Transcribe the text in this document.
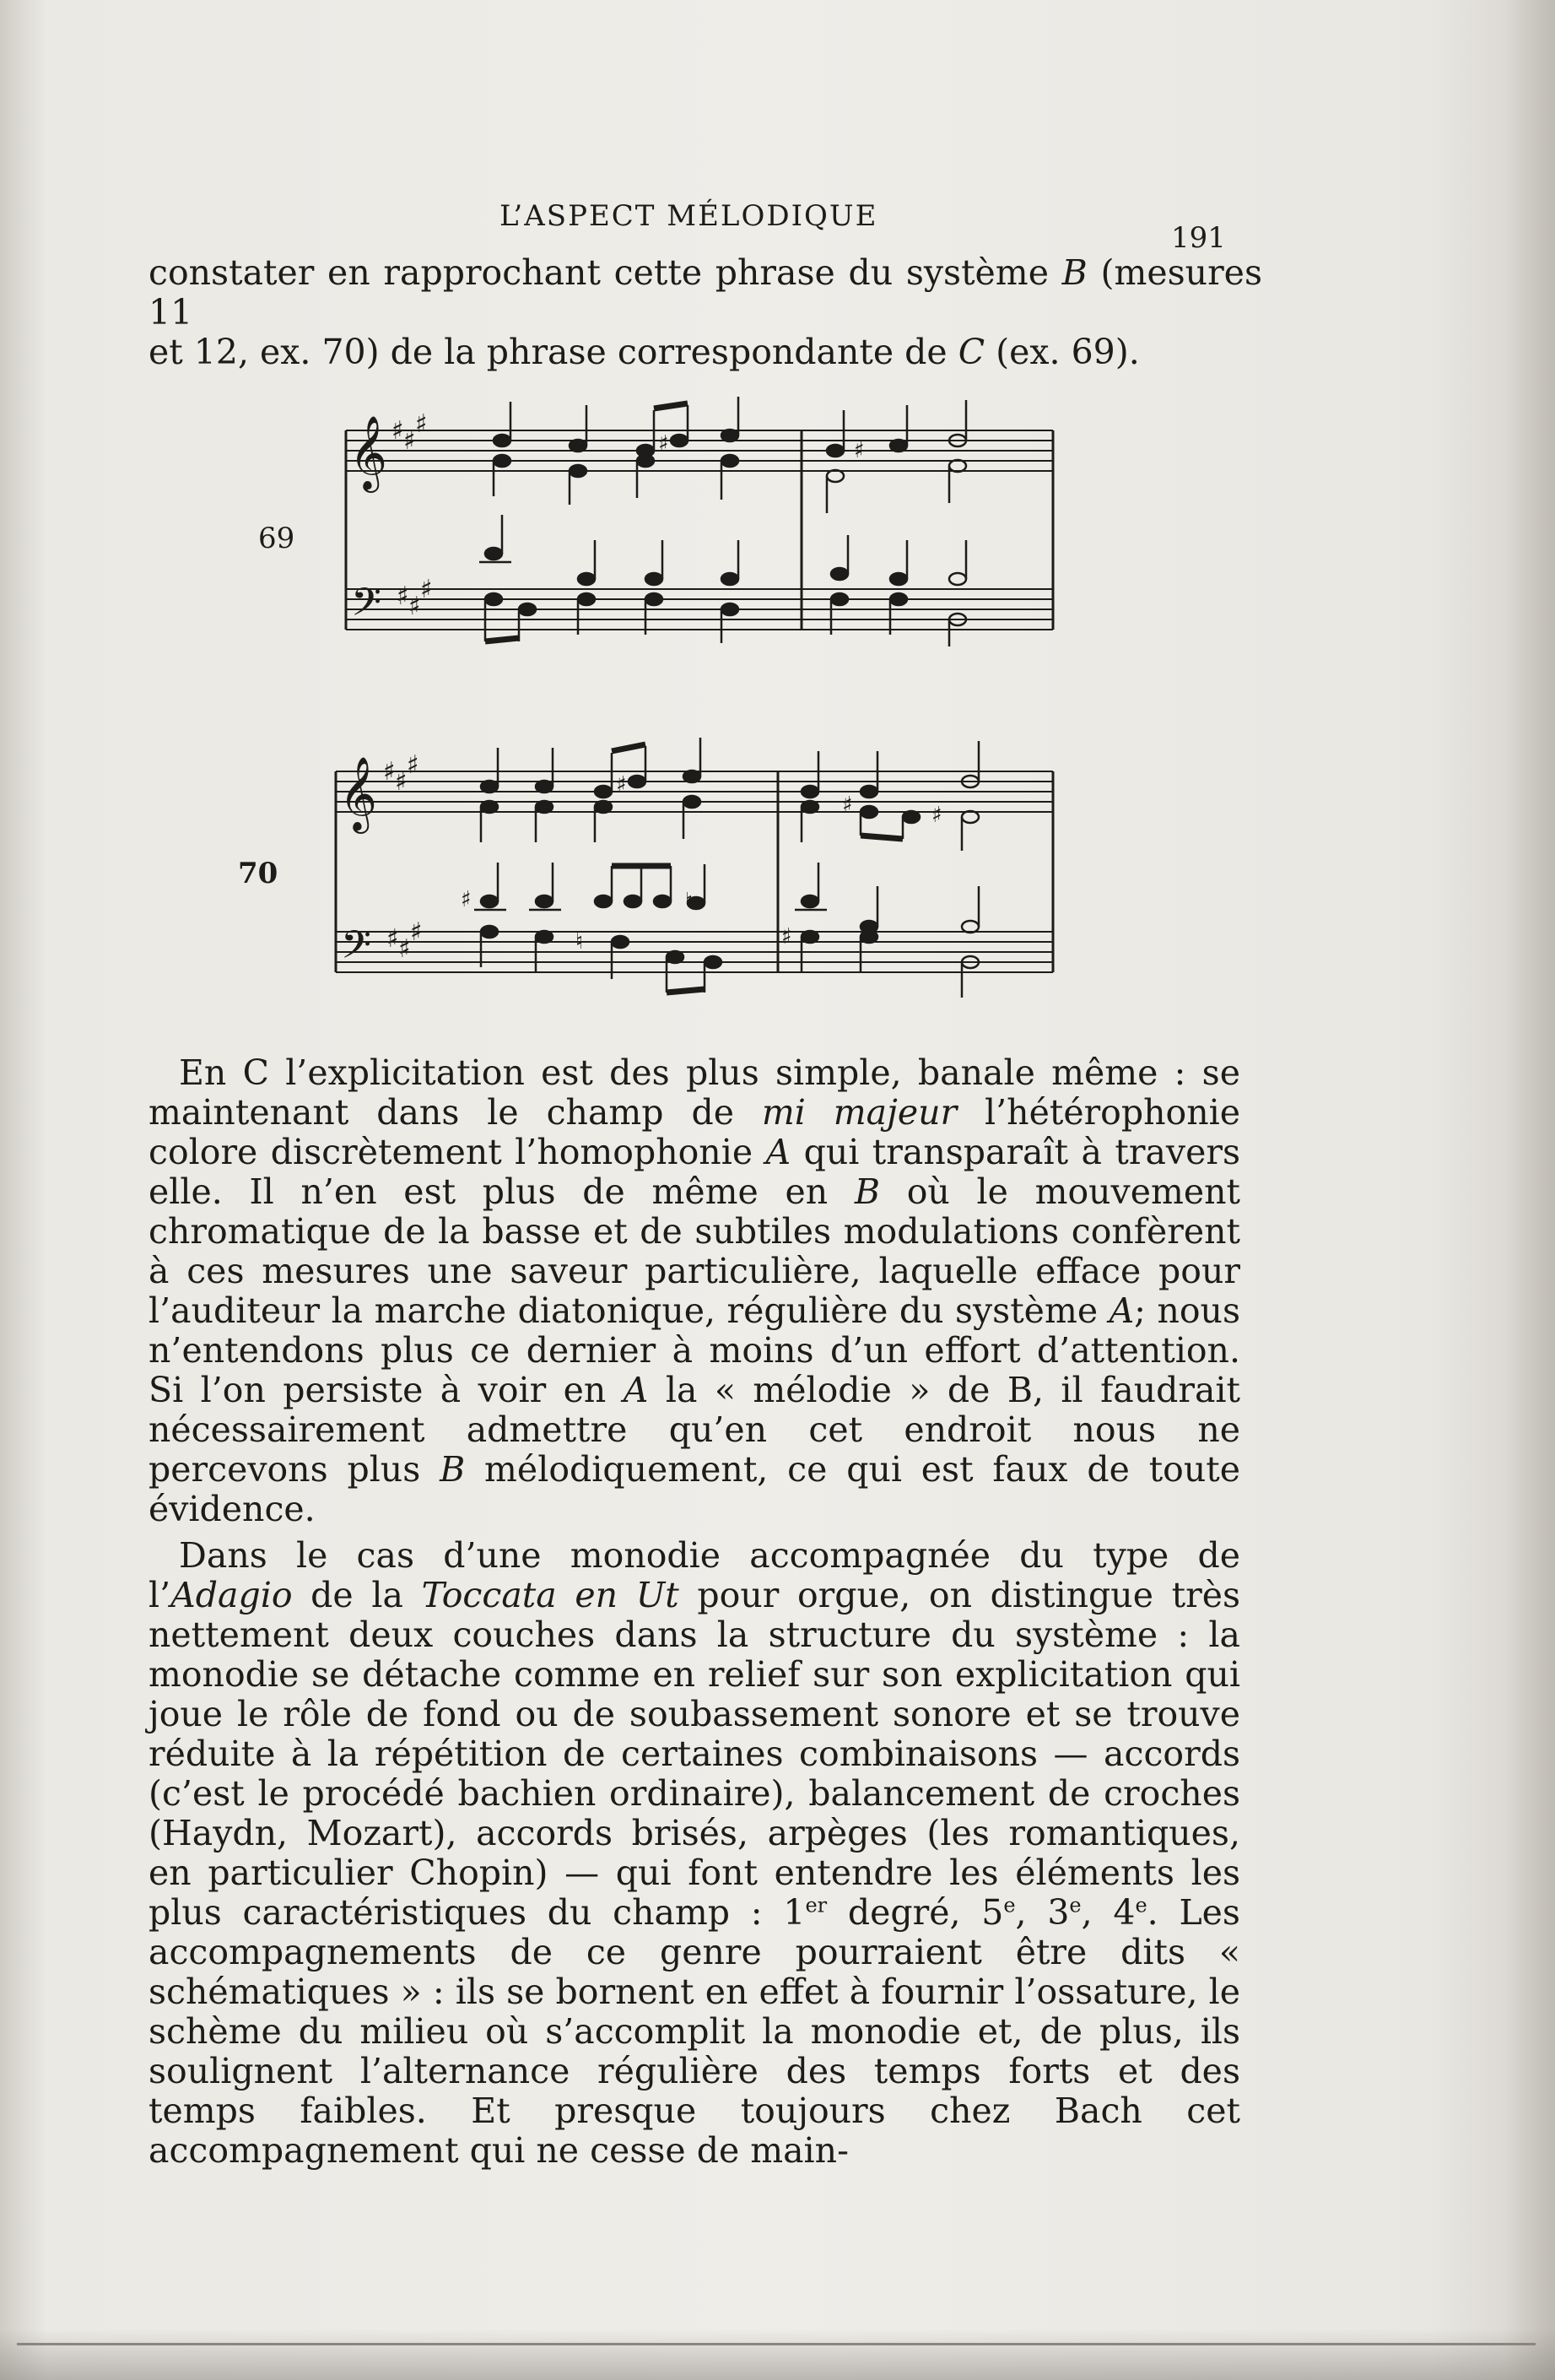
L’ASPECT MÉLODIQUE
191

constater en rapprochant cette phrase du système B (mesures 11

et 12, ex. 70) de la phrase correspondante de C (ex. 69).

69
70
𝄞
𝄢
♯ ♯
♯
♯ ♯
♯
♯	♯
𝄞
𝄢
♯ ♯
♯
♯ ♯
♯
♯
♯	♯
♯	♮
♮	♯

En C l’explicitation est des plus simple, banale même : se maintenant dans le champ de mi majeur l’hétérophonie colore discrètement l’homophonie A qui transparaît à travers elle. Il n’en est plus de même en B où le mouvement chromatique de la basse et de subtiles modulations confèrent à ces mesures une saveur particulière, laquelle efface pour l’auditeur la marche diatonique, régulière du système A; nous n’entendons plus ce dernier à moins d’un effort d’attention. Si l’on persiste à voir en A la « mélodie » de B, il faudrait nécessairement admettre qu’en cet endroit nous ne percevons plus B mélodiquement, ce qui est faux de toute évidence.

Dans le cas d’une monodie accompagnée du type de l’Adagio de la Toccata en Ut pour orgue, on distingue très nettement deux couches dans la structure du système : la monodie se détache comme en relief sur son explicitation qui joue le rôle de fond ou de soubassement sonore et se trouve réduite à la répétition de certaines combinaisons — accords (c’est le procédé bachien ordinaire), balancement de croches (Haydn, Mozart), accords brisés, arpèges (les romantiques, en particulier Chopin) — qui font entendre les éléments les plus caractéristiques du champ : 1er degré, 5e, 3e, 4e. Les accompagnements de ce genre pourraient être dits « schématiques » : ils se bornent en effet à fournir l’ossature, le schème du milieu où s’accomplit la monodie et, de plus, ils soulignent l’alternance régulière des temps forts et des temps faibles. Et presque toujours chez Bach cet accompagnement qui ne cesse de main-
